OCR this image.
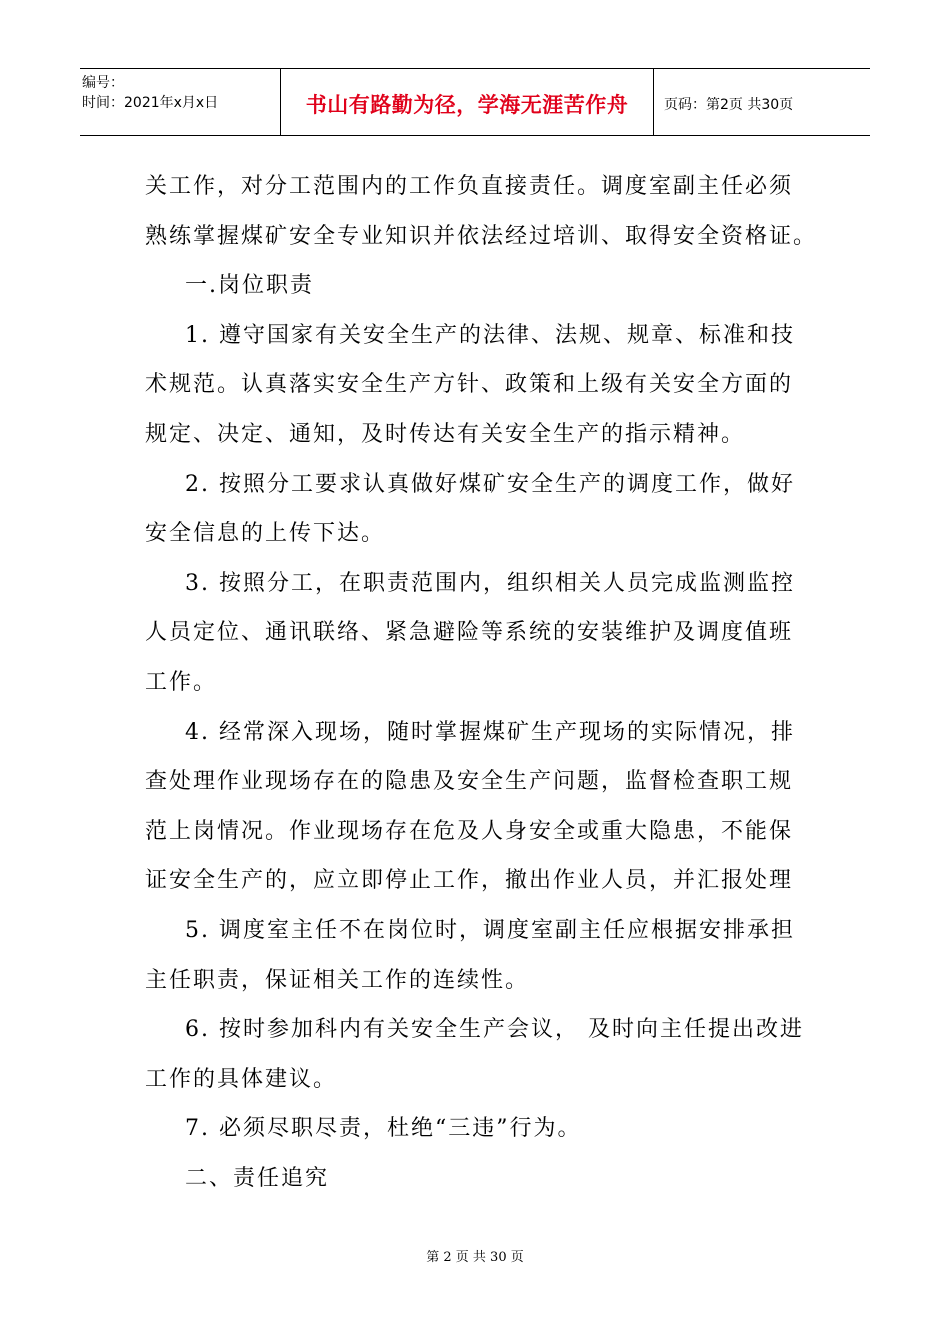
编号：
时间：2021年x月x日	书山有路勤为径，学海无涯苦作舟	页码：第2页 共30页

关工作，对分工范围内的工作负直接责任。调度室副主任必须

熟练掌握煤矿安全专业知识并依法经过培训、取得安全资格证。

一.岗位职责

1. 遵守国家有关安全生产的法律、法规、规章、标准和技

术规范。认真落实安全生产方针、政策和上级有关安全方面的

规定、决定、通知，及时传达有关安全生产的指示精神。

2. 按照分工要求认真做好煤矿安全生产的调度工作，做好

安全信息的上传下达。

3. 按照分工，在职责范围内，组织相关人员完成监测监控

人员定位、通讯联络、紧急避险等系统的安装维护及调度值班

工作。

4. 经常深入现场，随时掌握煤矿生产现场的实际情况，排

查处理作业现场存在的隐患及安全生产问题，监督检查职工规

范上岗情况。作业现场存在危及人身安全或重大隐患，不能保

证安全生产的，应立即停止工作，撤出作业人员，并汇报处理

5. 调度室主任不在岗位时，调度室副主任应根据安排承担

主任职责，保证相关工作的连续性。

6. 按时参加科内有关安全生产会议， 及时向主任提出改进

工作的具体建议。

7. 必须尽职尽责，杜绝“三违”行为。

二、责任追究

第 2 页 共 30 页
